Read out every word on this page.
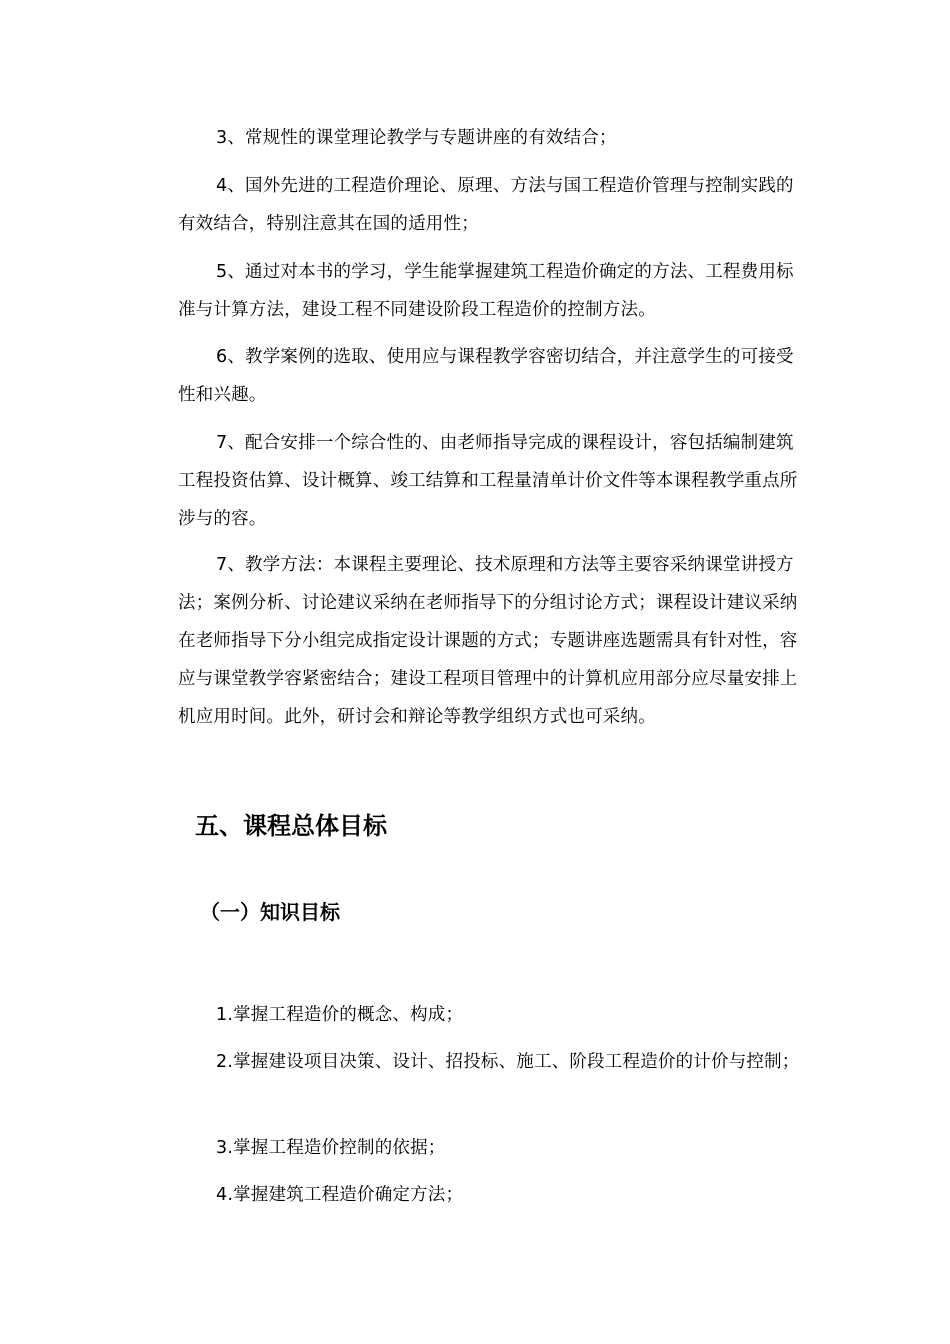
3、常规性的课堂理论教学与专题讲座的有效结合；

4、国外先进的工程造价理论、原理、方法与国工程造价管理与控制实践的有效结合，特别注意其在国的适用性；

5、通过对本书的学习，学生能掌握建筑工程造价确定的方法、工程费用标准与计算方法，建设工程不同建设阶段工程造价的控制方法。

6、教学案例的选取、使用应与课程教学容密切结合，并注意学生的可接受性和兴趣。

7、配合安排一个综合性的、由老师指导完成的课程设计，容包括编制建筑工程投资估算、设计概算、竣工结算和工程量清单计价文件等本课程教学重点所涉与的容。

7、教学方法：本课程主要理论、技术原理和方法等主要容采纳课堂讲授方法；案例分析、讨论建议采纳在老师指导下的分组讨论方式；课程设计建议采纳在老师指导下分小组完成指定设计课题的方式；专题讲座选题需具有针对性，容应与课堂教学容紧密结合；建设工程项目管理中的计算机应用部分应尽量安排上机应用时间。此外，研讨会和辩论等教学组织方式也可采纳。

五、课程总体目标
（一）知识目标

1.掌握工程造价的概念、构成；

2.掌握建设项目决策、设计、招投标、施工、阶段工程造价的计价与控制；

3.掌握工程造价控制的依据；

4.掌握建筑工程造价确定方法；
